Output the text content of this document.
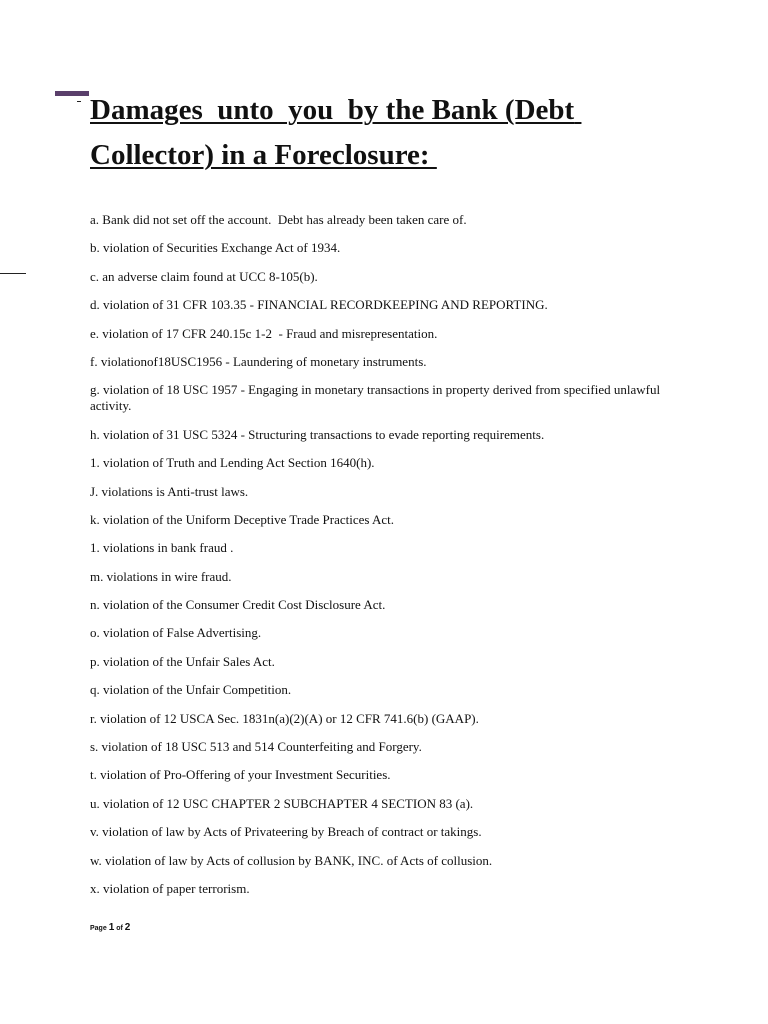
Damages  unto  you  by the Bank (Debt Collector) in a Foreclosure:
a. Bank did not set off the account.  Debt has already been taken care of.
b. violation of Securities Exchange Act of 1934.
c. an adverse claim found at UCC 8-105(b).
d. violation of 31 CFR 103.35 - FINANCIAL RECORDKEEPING AND REPORTING.
e. violation of 17 CFR 240.15c 1-2  - Fraud and misrepresentation.
f. violationof18USC1956 - Laundering of monetary instruments.
g. violation of 18 USC 1957 - Engaging in monetary transactions in property derived from specified unlawful activity.
h. violation of 31 USC 5324 - Structuring transactions to evade reporting requirements.
1. violation of Truth and Lending Act Section 1640(h).
J. violations is Anti-trust laws.
k. violation of the Uniform Deceptive Trade Practices Act.
1. violations in bank fraud .
m. violations in wire fraud.
n. violation of the Consumer Credit Cost Disclosure Act.
o. violation of False Advertising.
p. violation of the Unfair Sales Act.
q. violation of the Unfair Competition.
r. violation of 12 USCA Sec. 1831n(a)(2)(A) or 12 CFR 741.6(b) (GAAP).
s. violation of 18 USC 513 and 514 Counterfeiting and Forgery.
t. violation of Pro-Offering of your Investment Securities.
u. violation of 12 USC CHAPTER 2 SUBCHAPTER 4 SECTION 83 (a).
v. violation of law by Acts of Privateering by Breach of contract or takings.
w. violation of law by Acts of collusion by BANK, INC. of Acts of collusion.
x. violation of paper terrorism.
Page 1 of 2
